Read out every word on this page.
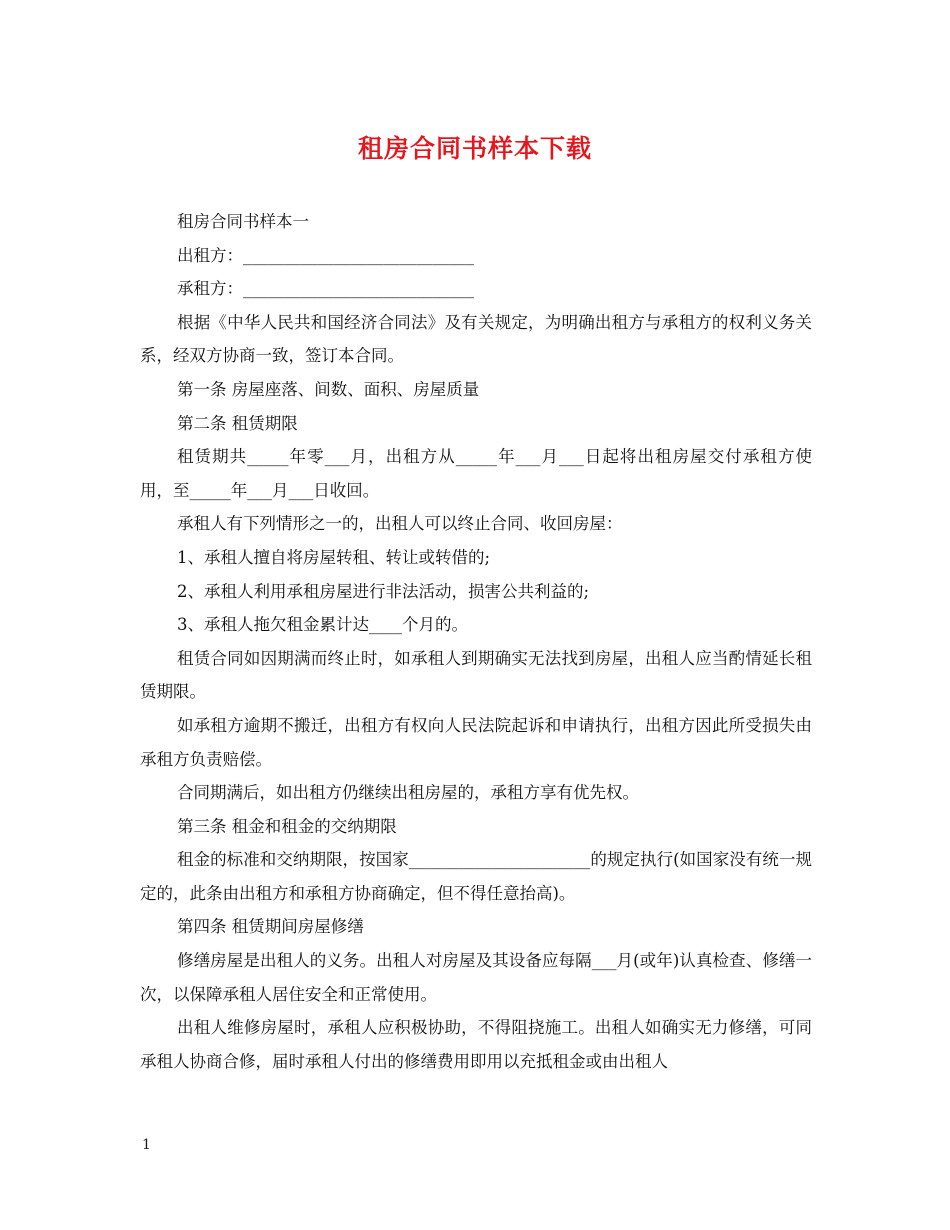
租房合同书样本下载

租房合同书样本一

出租方：____________________________

承租方：____________________________

根据《中华人民共和国经济合同法》及有关规定，为明确出租方与承租方的权利义务关系，经双方协商一致，签订本合同。

第一条 房屋座落、间数、面积、房屋质量

第二条 租赁期限

租赁期共_____年零___月，出租方从_____年___月___日起将出租房屋交付承租方使用，至_____年___月___日收回。

承租人有下列情形之一的，出租人可以终止合同、收回房屋：

1、承租人擅自将房屋转租、转让或转借的;

2、承租人利用承租房屋进行非法活动，损害公共利益的;

3、承租人拖欠租金累计达____个月的。

租赁合同如因期满而终止时，如承租人到期确实无法找到房屋，出租人应当酌情延长租赁期限。

如承租方逾期不搬迁，出租方有权向人民法院起诉和申请执行，出租方因此所受损失由承租方负责赔偿。

合同期满后，如出租方仍继续出租房屋的，承租方享有优先权。

第三条 租金和租金的交纳期限

租金的标准和交纳期限，按国家______________________的规定执行(如国家没有统一规定的，此条由出租方和承租方协商确定，但不得任意抬高)。

第四条 租赁期间房屋修缮

修缮房屋是出租人的义务。出租人对房屋及其设备应每隔___月(或年)认真检查、修缮一次，以保障承租人居住安全和正常使用。

出租人维修房屋时，承租人应积极协助，不得阻挠施工。出租人如确实无力修缮，可同承租人协商合修，届时承租人付出的修缮费用即用以充抵租金或由出租人

1
